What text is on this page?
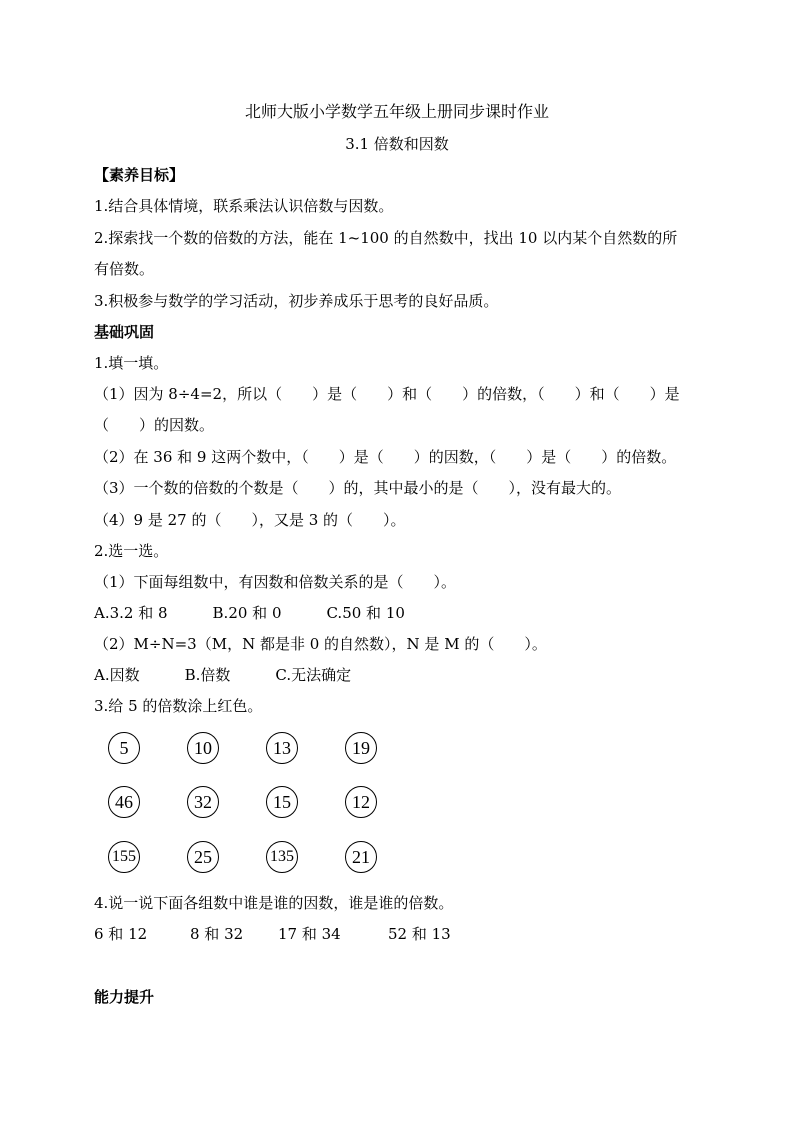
北师大版小学数学五年级上册同步课时作业
3.1 倍数和因数
【素养目标】
1.结合具体情境，联系乘法认识倍数与因数。
2.探索找一个数的倍数的方法，能在 1~100 的自然数中，找出 10 以内某个自然数的所
有倍数。
3.积极参与数学的学习活动，初步养成乐于思考的良好品质。
基础巩固
1.填一填。
（1）因为 8÷4=2，所以（　　）是（　　）和（　　）的倍数，（　　）和（　　）是
（　　）的因数。
（2）在 36 和 9 这两个数中，（　　）是（　　）的因数，（　　）是（　　）的倍数。
（3）一个数的倍数的个数是（　　）的，其中最小的是（　　），没有最大的。
（4）9 是 27 的（　　），又是 3 的（　　）。
2.选一选。
（1）下面每组数中，有因数和倍数关系的是（　　）。
A.3.2 和 8　　　B.20 和 0　　　C.50 和 10
（2）M÷N=3（M，N 都是非 0 的自然数），N 是 M 的（　　）。
A.因数　　　B.倍数　　　C.无法确定
3.给 5 的倍数涂上红色。
5	10	13	19
46	32	15	12
155	25	135	21
4.说一说下面各组数中谁是谁的因数，谁是谁的倍数。
6 和 12	8 和 32 17 和 34	52 和 13
能力提升
